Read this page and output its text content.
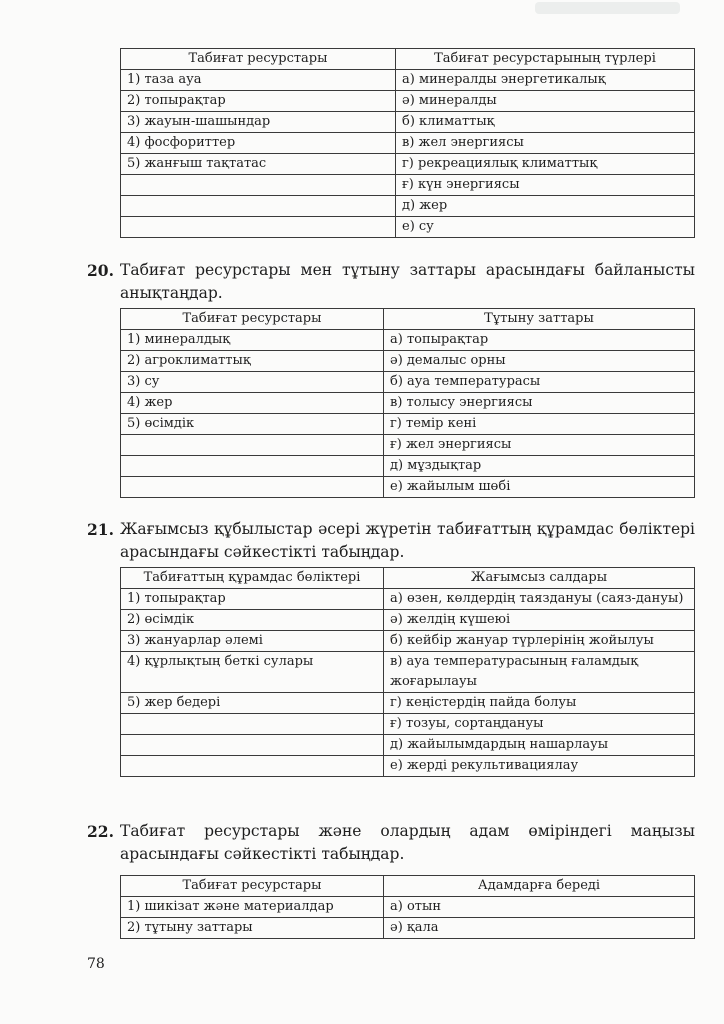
Табиғат ресурстары	Табиғат ресурстарының түрлері
1) таза ауа	а) минералды энергетикалық
2) топырақтар	ә) минералды
3) жауын-шашындар	б) климаттық
4) фосфориттер	в) жел энергиясы
5) жанғыш тақтатас	г) рекреациялық климаттық
	ғ) күн энергиясы
	д) жер
	е) су
20. Табиғат ресурстары мен тұтыну заттары арасындағы байланысты анықтаңдар.
Табиғат ресурстары	Тұтыну заттары
1) минералдық	а) топырақтар
2) агроклиматтық	ә) демалыс орны
3) су	б) ауа температурасы
4) жер	в) толысу энергиясы
5) өсімдік	г) темір кені
	ғ) жел энергиясы
	д) мұздықтар
	е) жайылым шөбі
21. Жағымсыз құбылыстар әсері жүретін табиғаттың құрамдас бөліктері арасындағы сәйкестікті табыңдар.
Табиғаттың құрамдас бөліктері	Жағымсыз салдары
1) топырақтар	а) өзен, көлдердің таяздануы (саяз-дануы)
2) өсімдік	ә) желдің күшеюі
3) жануарлар әлемі	б) кейбір жануар түрлерінің жойылуы
4) құрлықтың беткі сулары	в) ауа температурасының ғаламдық жоғарылауы
5) жер бедері	г) кеңістердің пайда болуы
	ғ) тозуы, сортаңдануы
	д) жайылымдардың нашарлауы
	е) жерді рекультивациялау
22. Табиғат ресурстары және олардың адам өміріндегі маңызы арасындағы сәйкестікті табыңдар.
Табиғат ресурстары	Адамдарға береді
1) шикізат және материалдар	а) отын
2) тұтыну заттары	ә) қала
78
